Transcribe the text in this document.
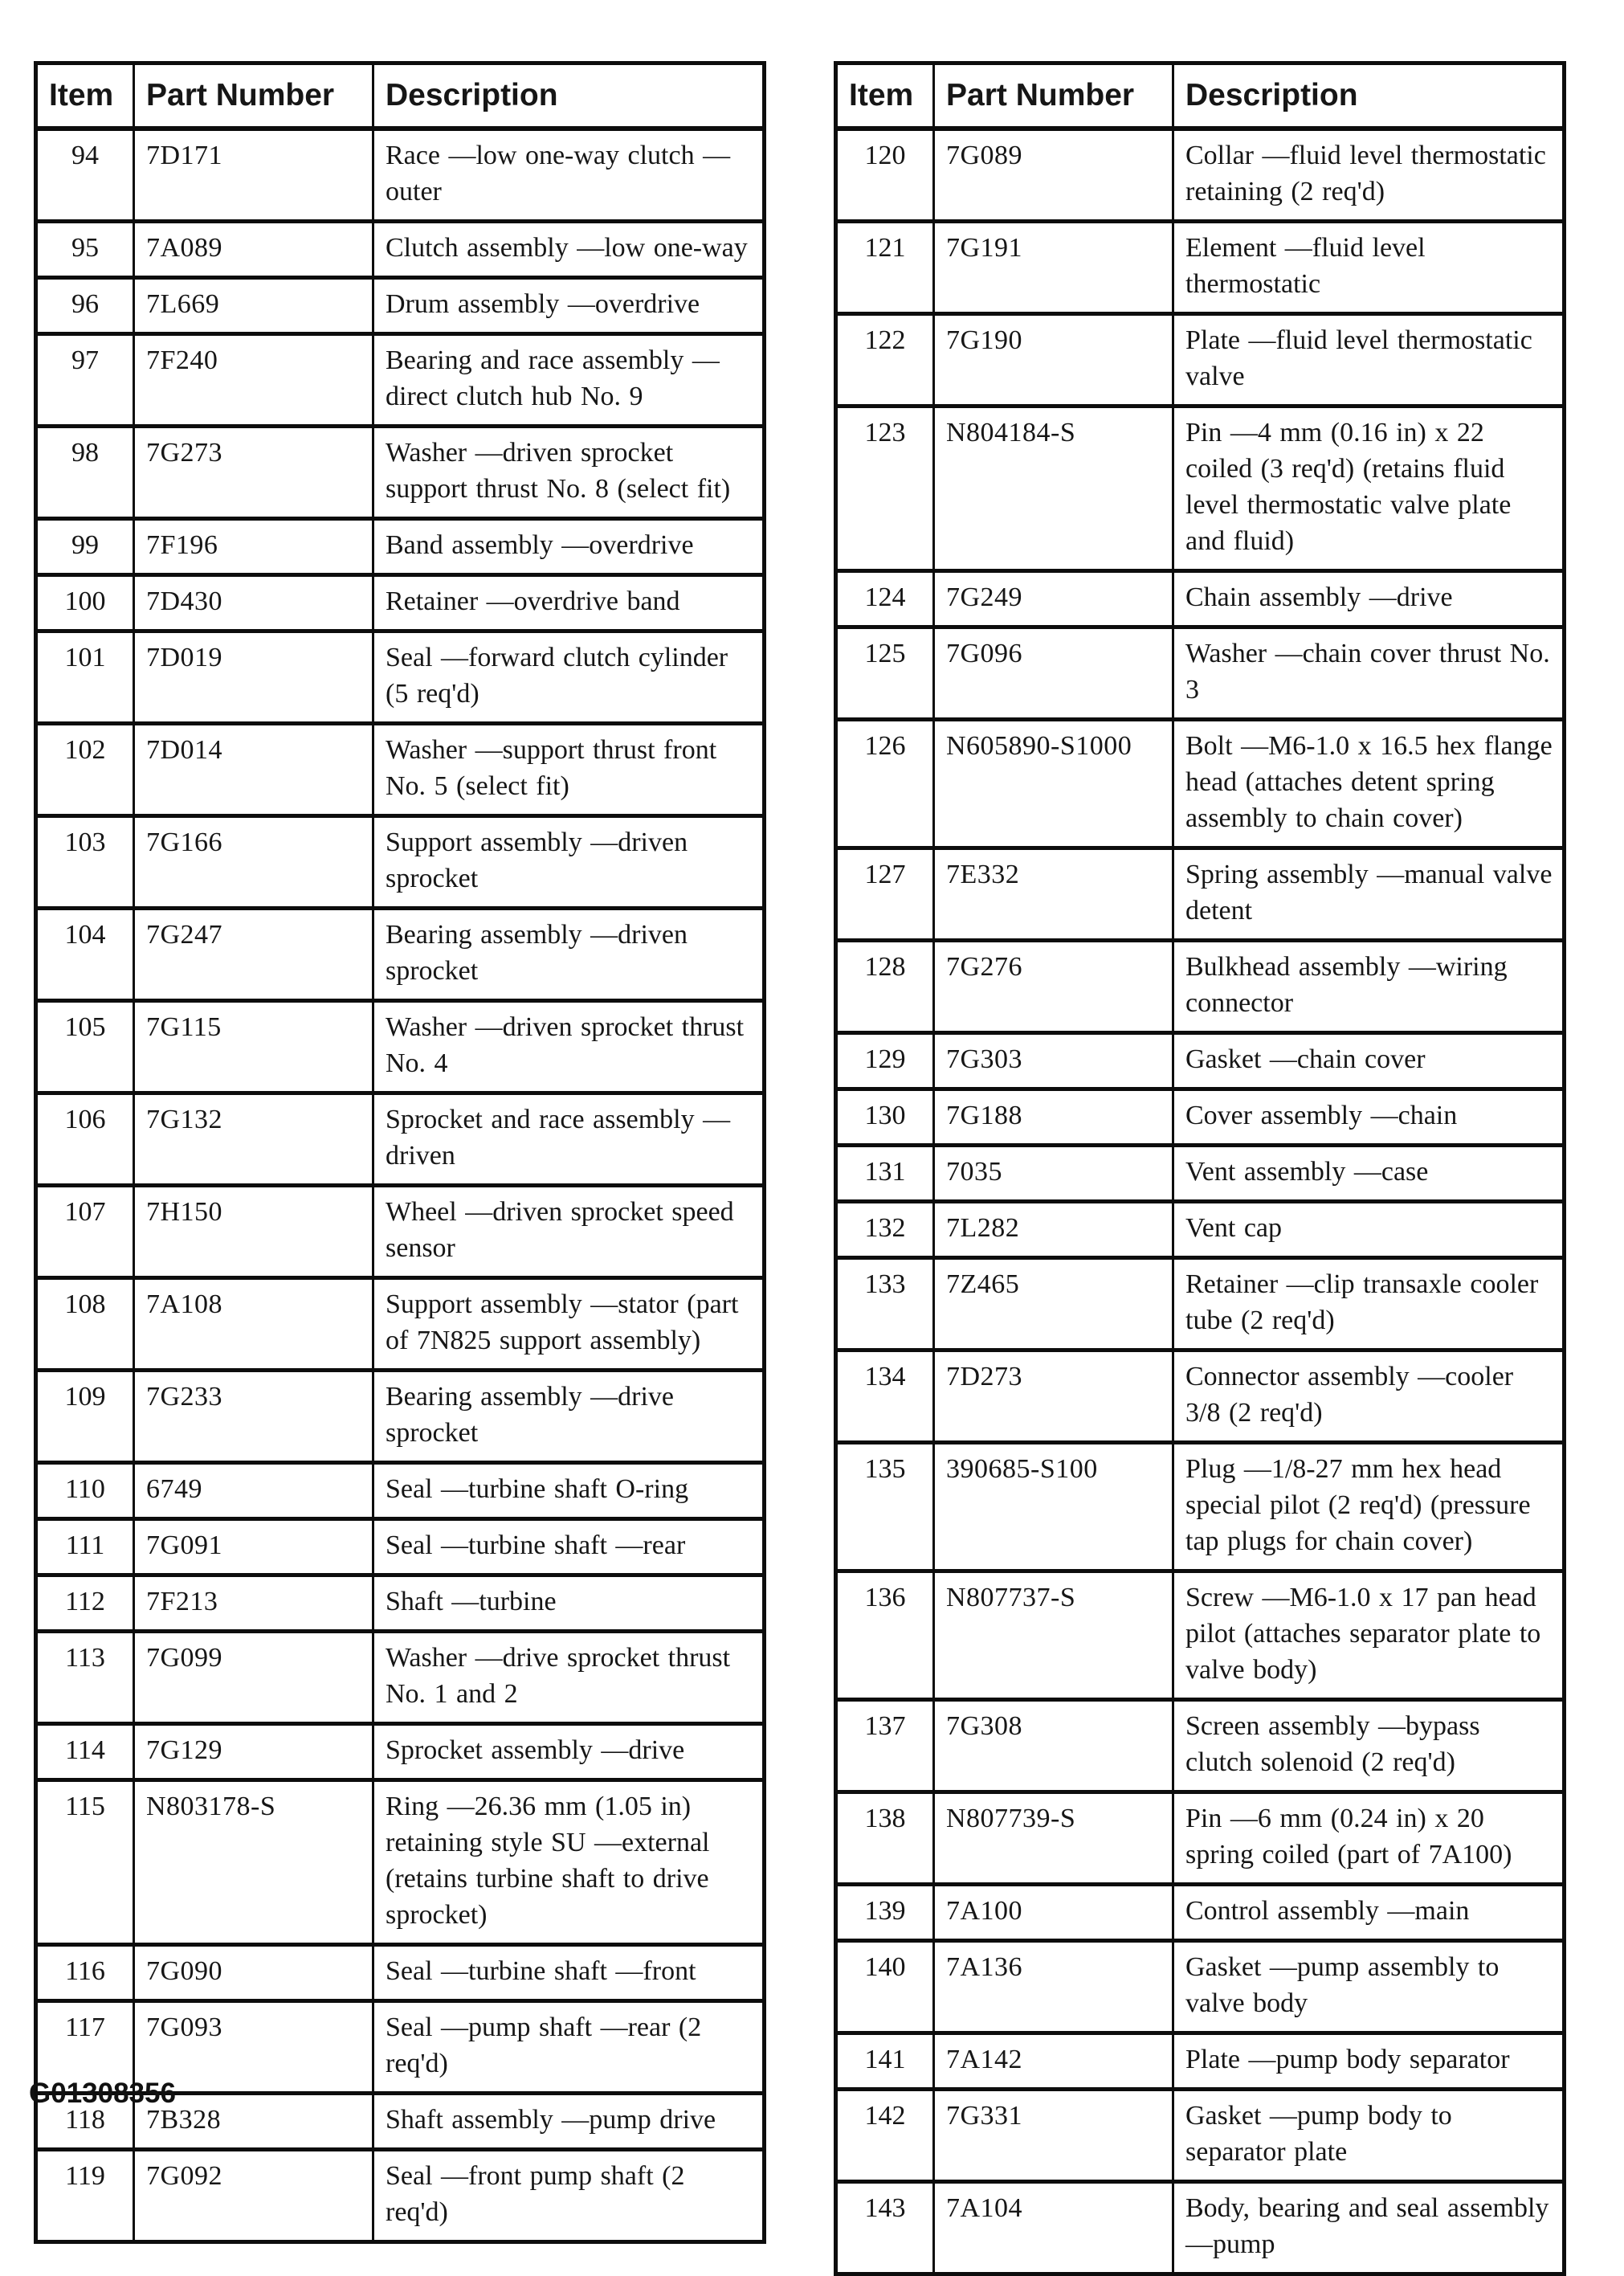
Item	Part Number	Description
94	7D171	Race —low one-way clutch —outer
95	7A089	Clutch assembly —low one-way
96	7L669	Drum assembly —overdrive
97	7F240	Bearing and race assembly — direct clutch hub No. 9
98	7G273	Washer —driven sprocket support thrust No. 8 (select fit)
99	7F196	Band assembly —overdrive
100	7D430	Retainer —overdrive band
101	7D019	Seal —forward clutch cylinder (5 req'd)
102	7D014	Washer —support thrust front No. 5 (select fit)
103	7G166	Support assembly —driven sprocket
104	7G247	Bearing assembly —driven sprocket
105	7G115	Washer —driven sprocket thrust No. 4
106	7G132	Sprocket and race assembly —driven
107	7H150	Wheel —driven sprocket speed sensor
108	7A108	Support assembly —stator (part of 7N825 support assembly)
109	7G233	Bearing assembly —drive sprocket
110	6749	Seal —turbine shaft O-ring
111	7G091	Seal —turbine shaft —rear
112	7F213	Shaft —turbine
113	7G099	Washer —drive sprocket thrust No. 1 and 2
114	7G129	Sprocket assembly —drive
115	N803178-S	Ring —26.36 mm (1.05 in) retaining style SU —external (retains turbine shaft to drive sprocket)
116	7G090	Seal —turbine shaft —front
117	7G093	Seal —pump shaft —rear (2 req'd)
118	7B328	Shaft assembly —pump drive
119	7G092	Seal —front pump shaft (2 req'd)
Item	Part Number	Description
120	7G089	Collar —fluid level thermostatic retaining (2 req'd)
121	7G191	Element —fluid level thermostatic
122	7G190	Plate —fluid level thermostatic valve
123	N804184-S	Pin —4 mm (0.16 in) x 22 coiled (3 req'd) (retains fluid level thermostatic valve plate and fluid)
124	7G249	Chain assembly —drive
125	7G096	Washer —chain cover thrust No. 3
126	N605890-S1000	Bolt —M6-1.0 x 16.5 hex flange head (attaches detent spring assembly to chain cover)
127	7E332	Spring assembly —manual valve detent
128	7G276	Bulkhead assembly —wiring connector
129	7G303	Gasket —chain cover
130	7G188	Cover assembly —chain
131	7035	Vent assembly —case
132	7L282	Vent cap
133	7Z465	Retainer —clip transaxle cooler tube (2 req'd)
134	7D273	Connector assembly —cooler 3/8 (2 req'd)
135	390685-S100	Plug —1/8-27 mm hex head special pilot (2 req'd) (pressure tap plugs for chain cover)
136	N807737-S	Screw —M6-1.0 x 17 pan head pilot (attaches separator plate to valve body)
137	7G308	Screen assembly —bypass clutch solenoid (2 req'd)
138	N807739-S	Pin —6 mm (0.24 in) x 20 spring coiled (part of 7A100)
139	7A100	Control assembly —main
140	7A136	Gasket —pump assembly to valve body
141	7A142	Plate —pump body separator
142	7G331	Gasket —pump body to separator plate
143	7A104	Body, bearing and seal assembly —pump
G01308356
